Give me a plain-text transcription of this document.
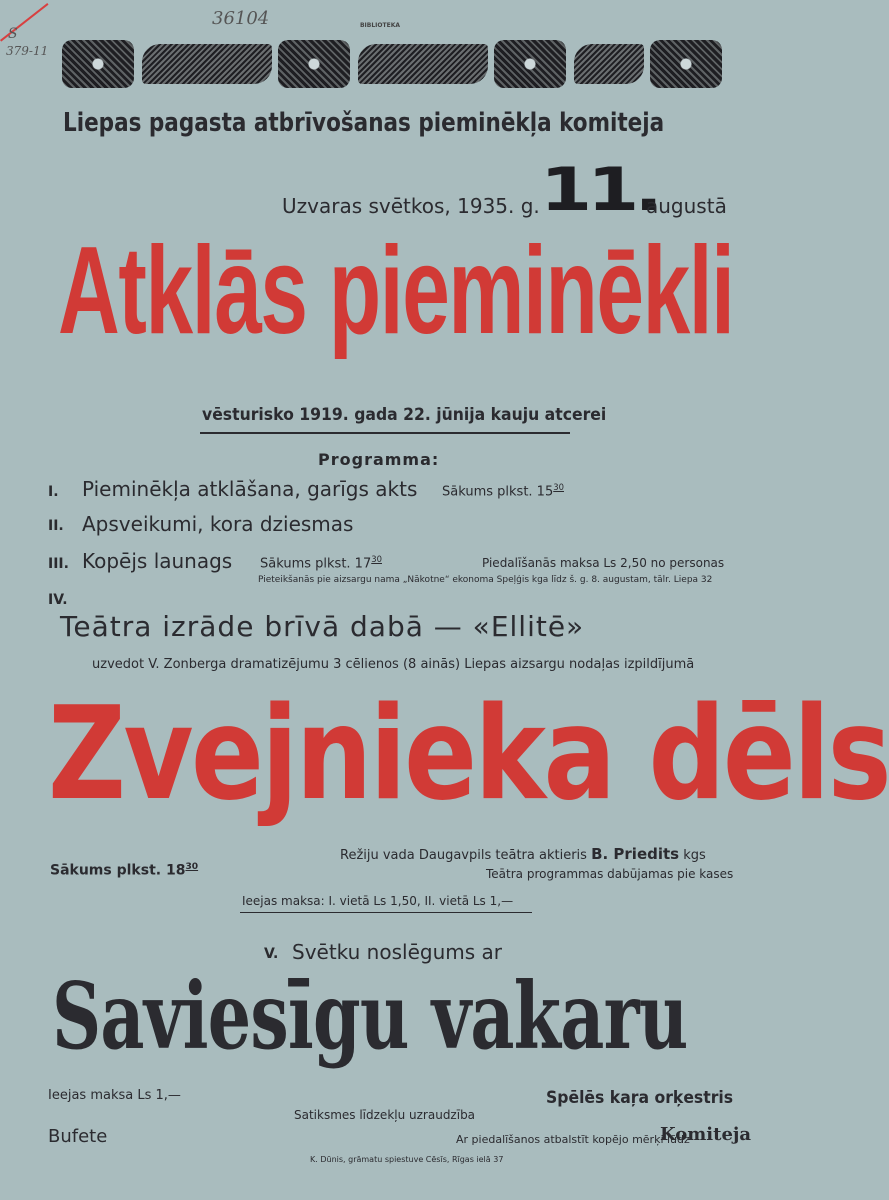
S
379-11
36104	BIBLIOTEKA
Liepas pagasta atbrīvošanas pieminēkļa komiteja
Uzvaras svētkos, 1935. g. 11.
augustā
Atklās pieminēkli
vēsturisko 1919. gada 22. jūnija kauju atcerei
Programma:
I. Pieminēkļa atklāšana, garīgs akts Sākums plkst. $15^{30}$
II. Apsveikumi, kora dziesmas
III. Kopējs launags Sākums plkst. $17^{30}$	Piedalīšanās maksa Ls 2,50 no personas
Pieteikšanās pie aizsargu nama „Nākotne“ ekonoma Speļģis kga līdz š. g. 8. augustam, tālr. Liepa 32
IV.
Teātra izrāde brīvā dabā — «Ellitē»
uzvedot V. Zonberga dramatizējumu 3 cēlienos (8 ainās) Liepas aizsargu nodaļas izpildījumā
Zvejnieka dēls
Sākums plkst. $18^{30}$
Režiju vada Daugavpils teātra aktieris B. Priedits kgs
Teātra programmas dabūjamas pie kases
Ieejas maksa: I. vietā Ls 1,50, II. vietā Ls 1,—
V. Svētku noslēgums ar
Saviesīgu vakaru
Ieejas maksa Ls 1,—	Spēlēs kaŗa orķestris
Satiksmes līdzekļu uzraudzība
Bufete	Ar piedalīšanos atbalstīt kopējo mērķi lūdz
Komiteja
K. Dūnis, grāmatu spiestuve Cēsīs, Rīgas ielā 37
